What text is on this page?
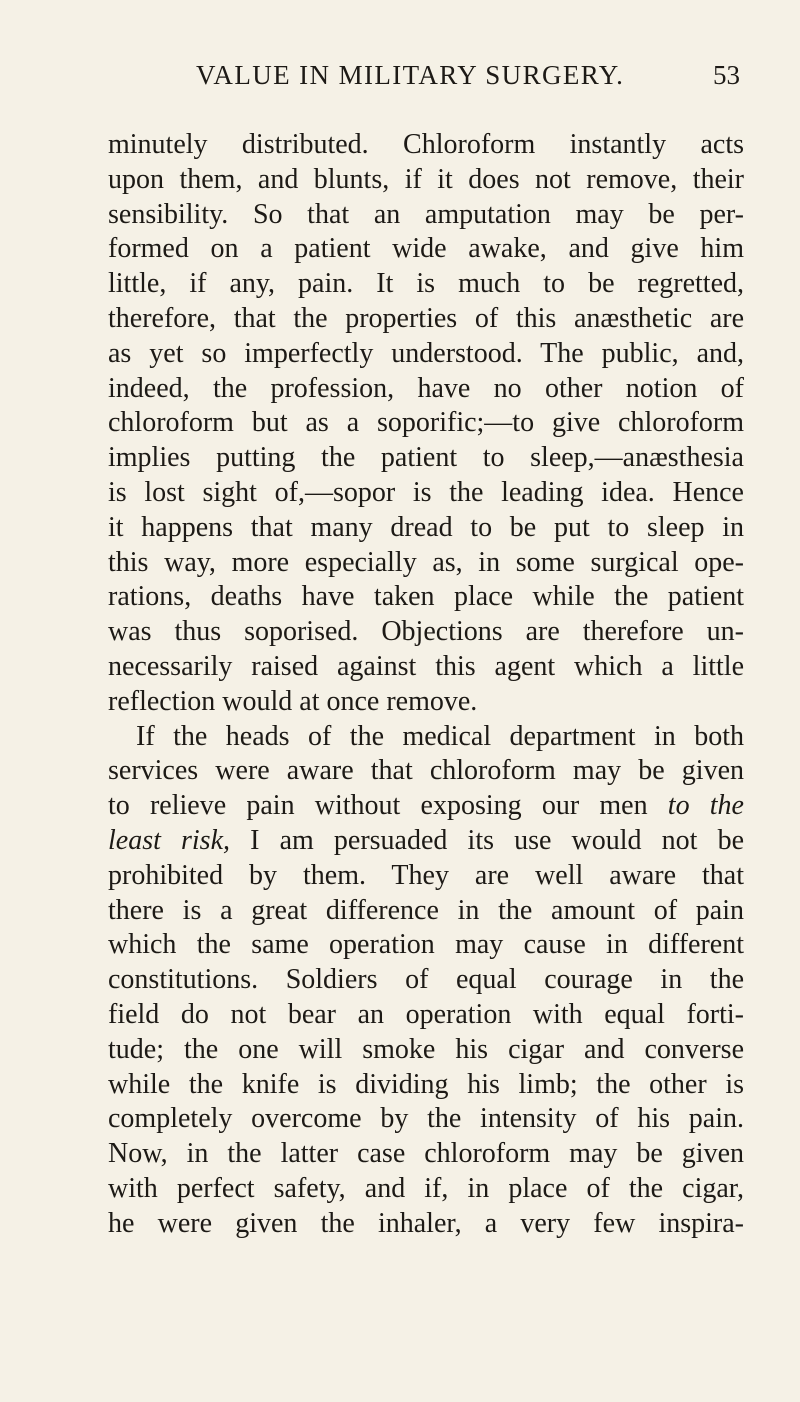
VALUE IN MILITARY SURGERY.	53
minutely distributed. Chloroform instantly acts
upon them, and blunts, if it does not remove, their
sensibility. So that an amputation may be per-
formed on a patient wide awake, and give him
little, if any, pain. It is much to be regretted,
therefore, that the properties of this anæsthetic are
as yet so imperfectly understood. The public, and,
indeed, the profession, have no other notion of
chloroform but as a soporific;—to give chloroform
implies putting the patient to sleep,—anæsthesia
is lost sight of,—sopor is the leading idea. Hence
it happens that many dread to be put to sleep in
this way, more especially as, in some surgical ope-
rations, deaths have taken place while the patient
was thus soporised. Objections are therefore un-
necessarily raised against this agent which a little
reflection would at once remove.
If the heads of the medical department in both
services were aware that chloroform may be given
to relieve pain without exposing our men to the
least risk, I am persuaded its use would not be
prohibited by them. They are well aware that
there is a great difference in the amount of pain
which the same operation may cause in different
constitutions. Soldiers of equal courage in the
field do not bear an operation with equal forti-
tude; the one will smoke his cigar and converse
while the knife is dividing his limb; the other is
completely overcome by the intensity of his pain.
Now, in the latter case chloroform may be given
with perfect safety, and if, in place of the cigar,
he were given the inhaler, a very few inspira-
